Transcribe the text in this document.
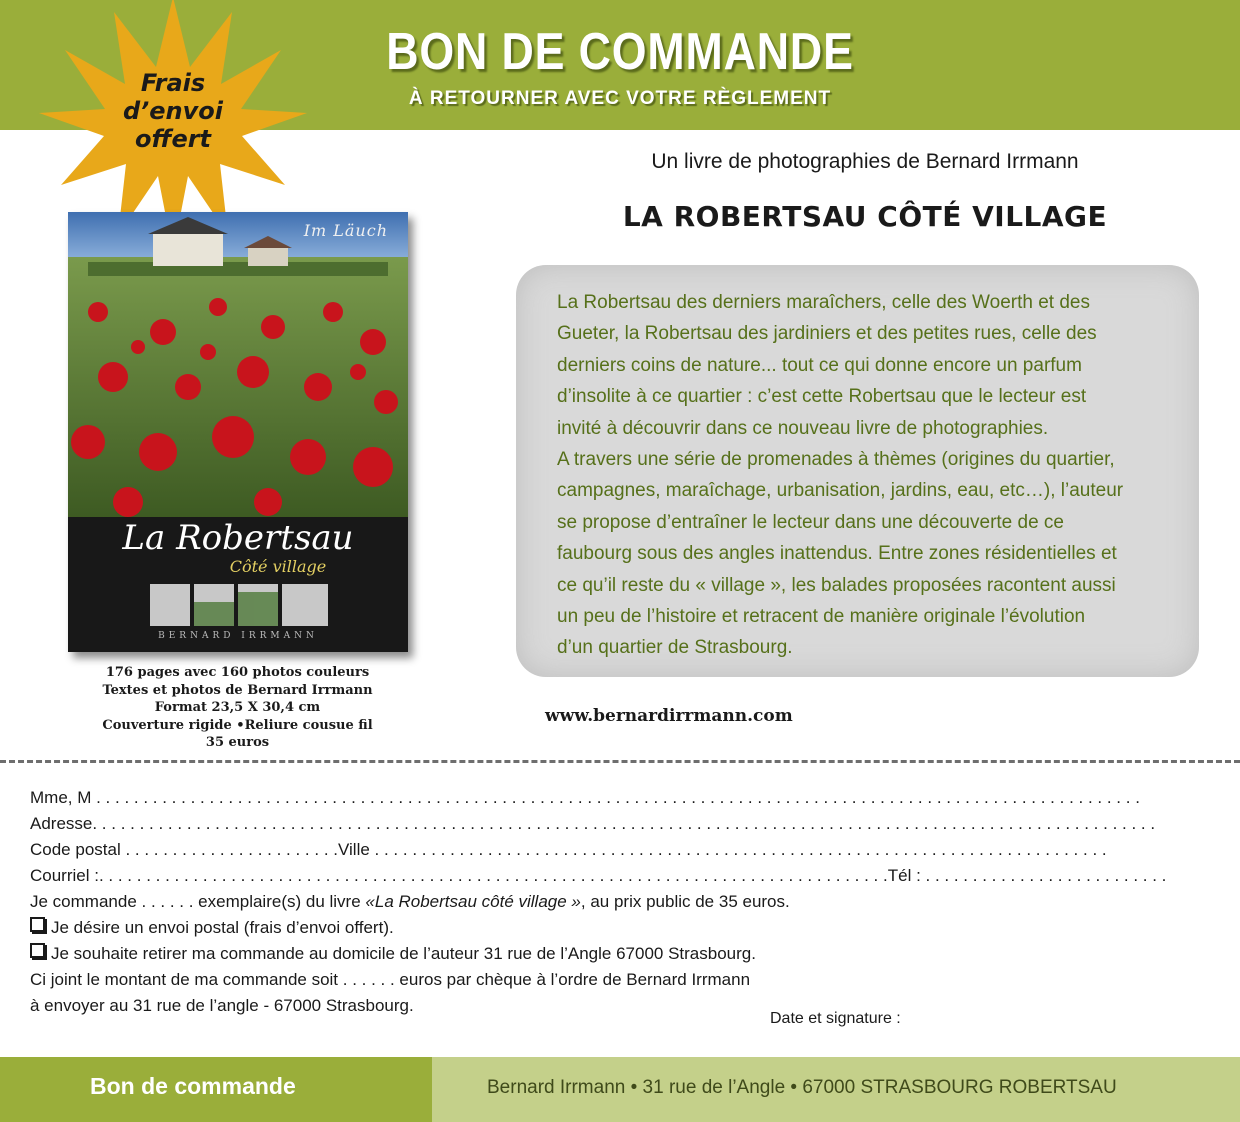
BON DE COMMANDE
À RETOURNER AVEC VOTRE RÈGLEMENT
Frais
d’envoi
offert
Im Läuch
La Robertsau
Côté village
BERNARD IRRMANN
176 pages avec 160 photos couleurs
Textes et photos de Bernard Irrmann
Format 23,5 X 30,4 cm
Couverture rigide •Reliure cousue fil
35 euros
Un livre de photographies de Bernard Irrmann
LA ROBERTSAU CÔTÉ VILLAGE
La Robertsau des derniers maraîchers, celle des Woerth et des
Gueter, la Robertsau des jardiniers et des petites rues, celle des
derniers coins de nature... tout ce qui donne encore un parfum
d’insolite à ce quartier : c’est cette Robertsau que le lecteur est
invité à découvrir dans ce nouveau livre de photographies.
A travers une série de promenades à thèmes (origines du quartier,
campagnes, maraîchage, urbanisation, jardins, eau, etc…), l’auteur
se propose d’entraîner le lecteur dans une découverte de ce
faubourg sous des angles inattendus. Entre zones résidentielles et
ce qu’il reste du « village », les balades proposées racontent aussi
un peu de l’histoire et retracent de manière originale l’évolution
d’un quartier de Strasbourg.
www.bernardirrmann.com
Mme, M . . . . . . . . . . . . . . . . . . . . . . . . . . . . . . . . . . . . . . . . . . . . . . . . . . . . . . . . . . . . . . . . . . . . . . . . . . . . . . . . . . . . . . . . . . . . . . . . . . . . . . . . . . . . . . .
Adresse. . . . . . . . . . . . . . . . . . . . . . . . . . . . . . . . . . . . . . . . . . . . . . . . . . . . . . . . . . . . . . . . . . . . . . . . . . . . . . . . . . . . . . . . . . . . . . . . . . . . . . . . . . . . . . . . .
Code postal . . . . . . . . . . . . . . . . . . . . . . .Ville . . . . . . . . . . . . . . . . . . . . . . . . . . . . . . . . . . . . . . . . . . . . . . . . . . . . . . . . . . . . . . . . . . . . . . . . . . . . . .
Courriel :. . . . . . . . . . . . . . . . . . . . . . . . . . . . . . . . . . . . . . . . . . . . . . . . . . . . . . . . . . . . . . . . . . . . . . . . . . . . . . . . . . . .Tél : . . . . . . . . . . . . . . . . . . . . . . . . . .
Je commande . . . . . . exemplaire(s) du livre «La Robertsau côté village », au prix public de 35 euros.
Je désire un envoi postal (frais d’envoi offert).
Je souhaite retirer ma commande au domicile de l’auteur 31 rue de l’Angle 67000 Strasbourg.
Ci joint le montant de ma commande soit . . . . . . euros par chèque à l’ordre de Bernard Irrmann
à envoyer au 31 rue de l’angle - 67000 Strasbourg.
Date et signature :
Bon de commande	Bernard Irrmann • 31 rue de l’Angle • 67000 STRASBOURG ROBERTSAU
